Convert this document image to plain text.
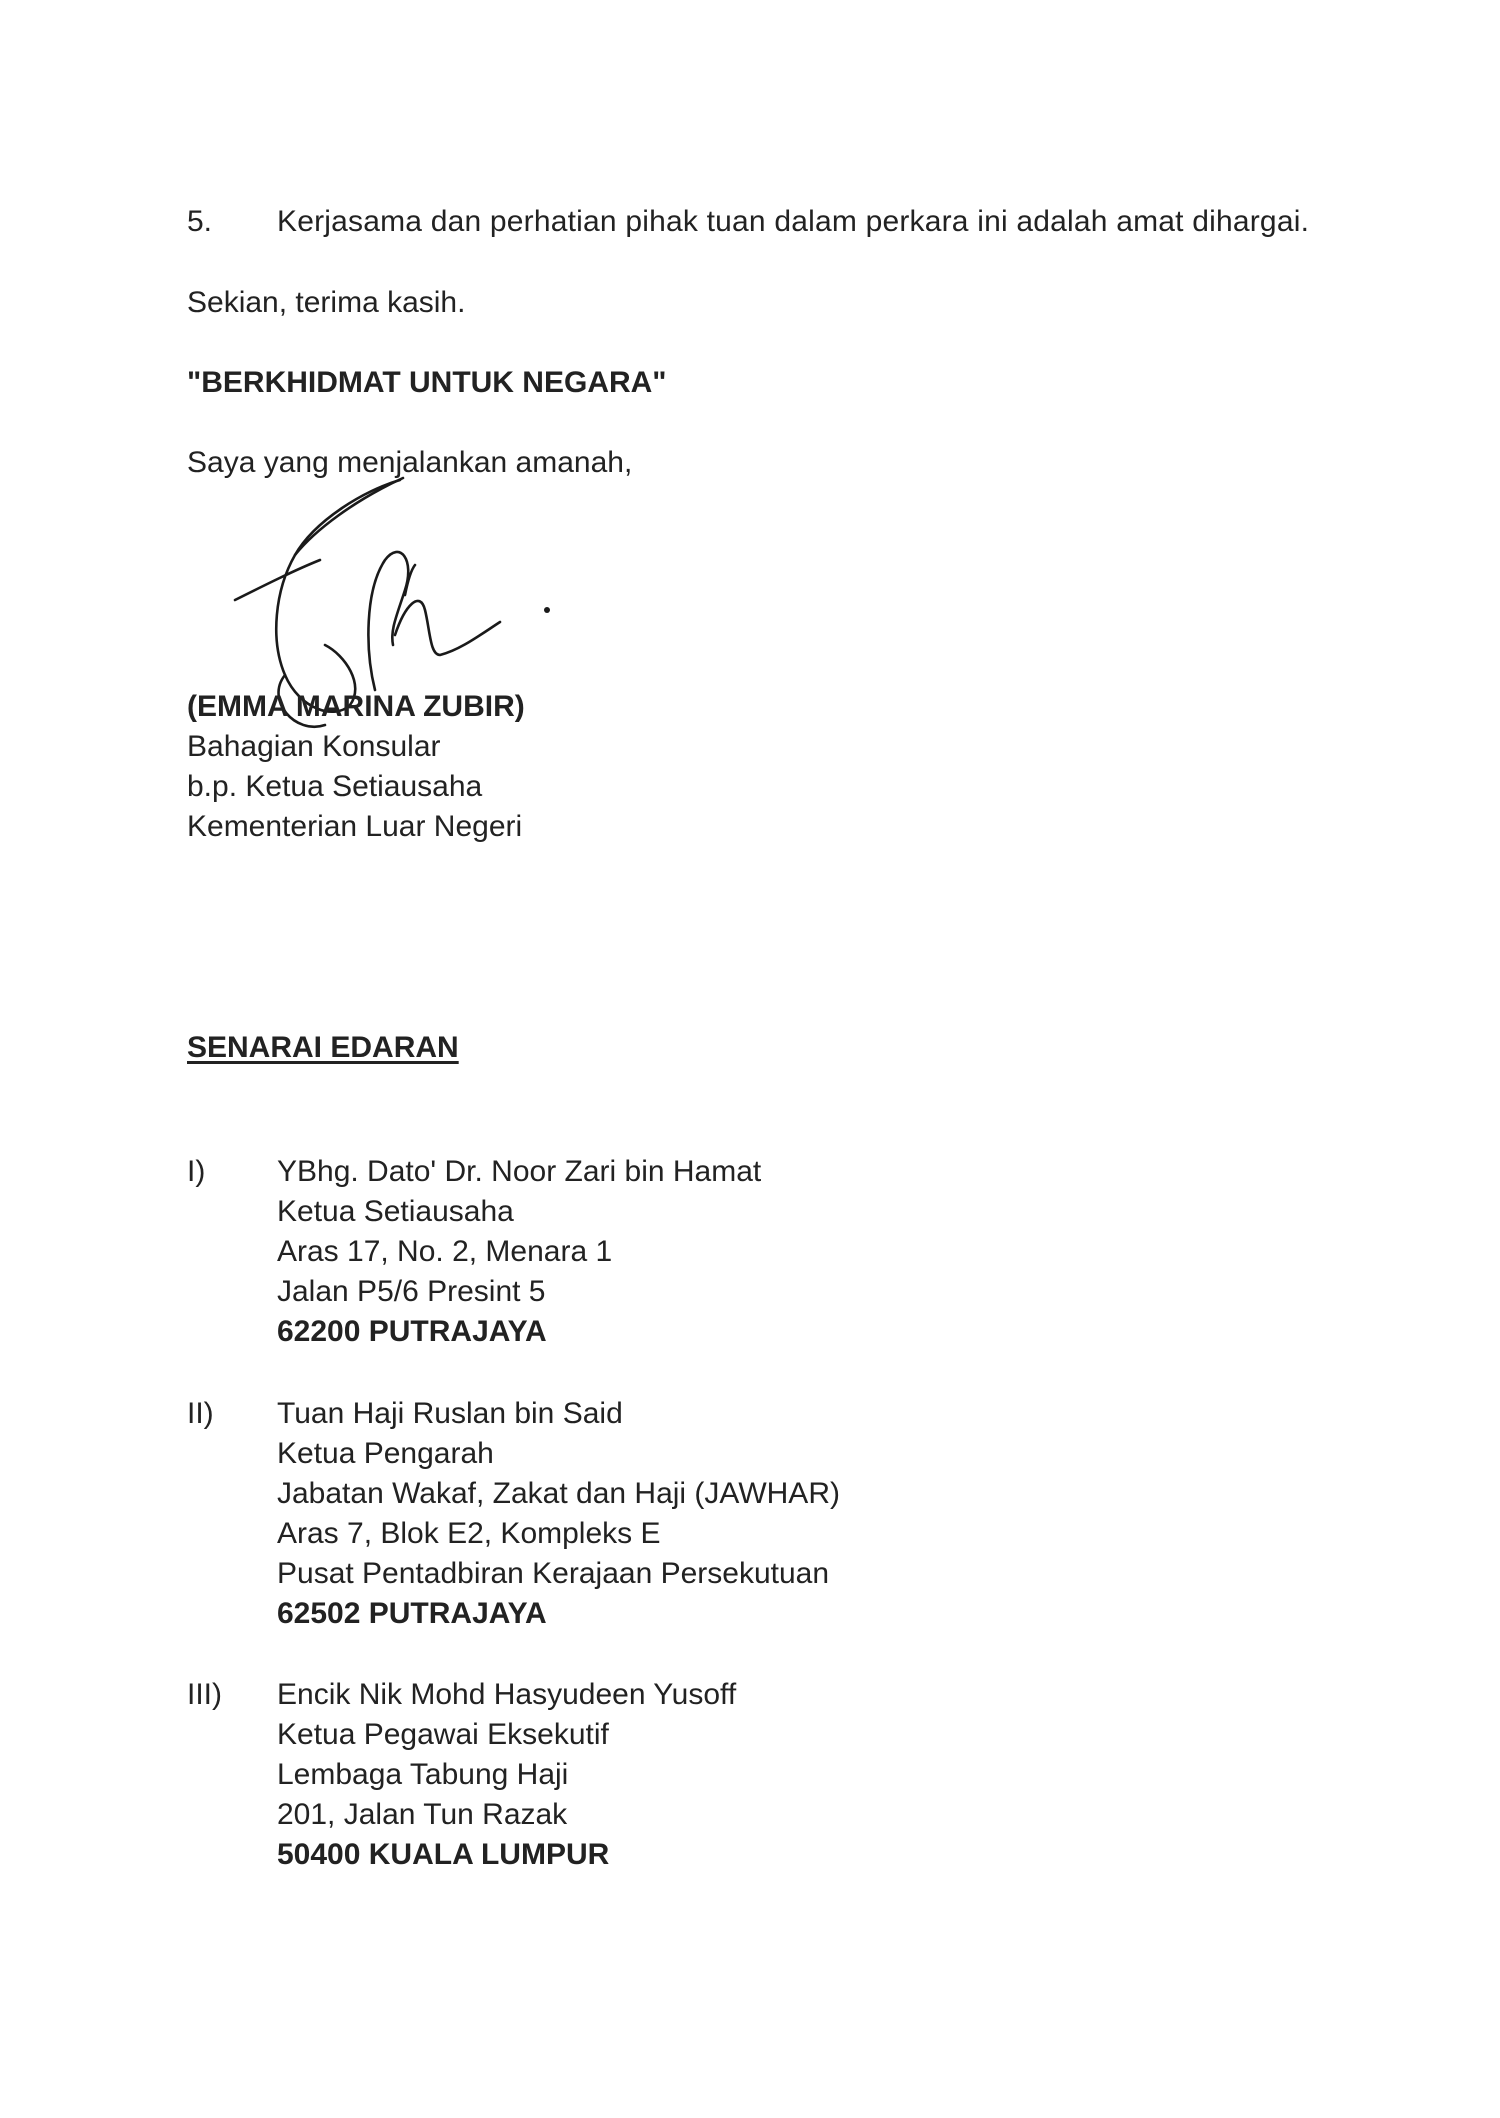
5. Kerjasama dan perhatian pihak tuan dalam perkara ini adalah amat dihargai.
Sekian, terima kasih.
"BERKHIDMAT UNTUK NEGARA"
Saya yang menjalankan amanah,
(EMMA MARINA ZUBIR)
Bahagian Konsular
b.p. Ketua Setiausaha
Kementerian Luar Negeri
SENARAI EDARAN
I) YBhg. Dato' Dr. Noor Zari bin Hamat
Ketua Setiausaha
Aras 17, No. 2, Menara 1
Jalan P5/6 Presint 5
62200 PUTRAJAYA
II) Tuan Haji Ruslan bin Said
Ketua Pengarah
Jabatan Wakaf, Zakat dan Haji (JAWHAR)
Aras 7, Blok E2, Kompleks E
Pusat Pentadbiran Kerajaan Persekutuan
62502 PUTRAJAYA
III) Encik Nik Mohd Hasyudeen Yusoff
Ketua Pegawai Eksekutif
Lembaga Tabung Haji
201, Jalan Tun Razak
50400 KUALA LUMPUR
